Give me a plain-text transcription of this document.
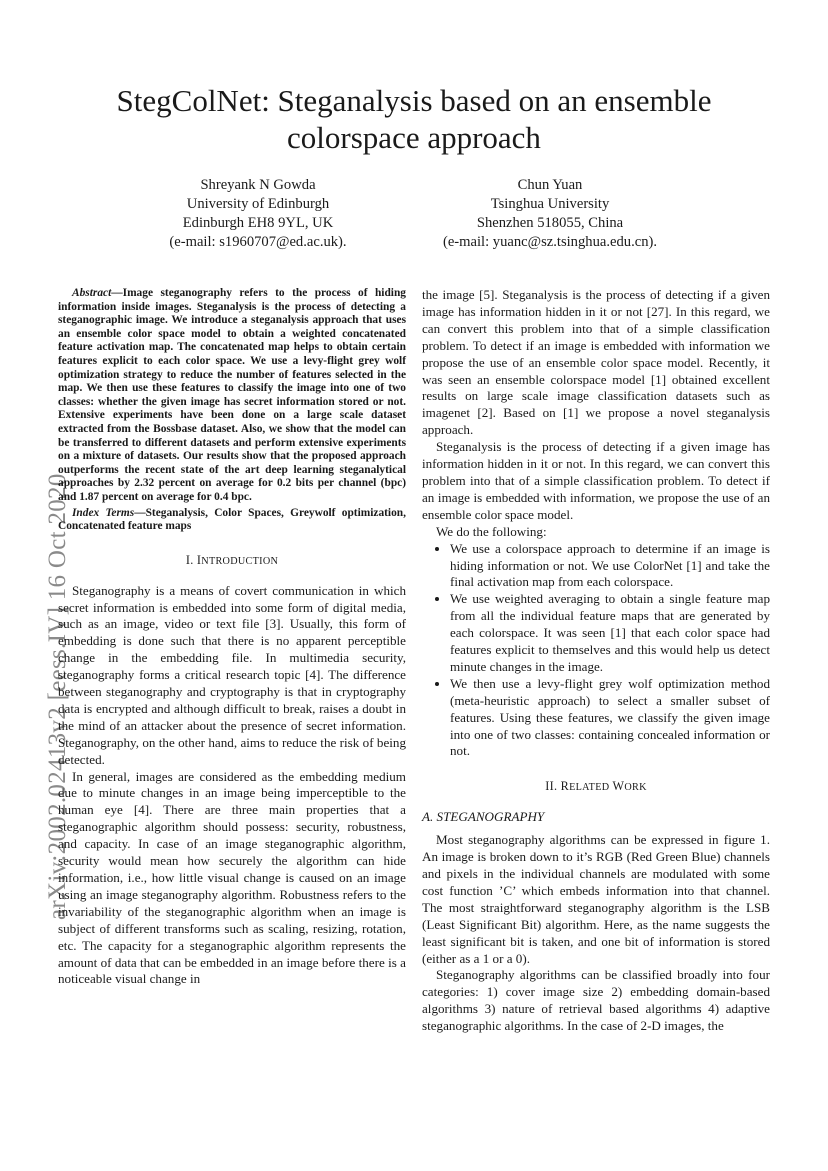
arXiv:2002.02413v2 [eess.IV] 16 Oct 2020
StegColNet: Steganalysis based on an ensemble colorspace approach
Shreyank N Gowda
University of Edinburgh
Edinburgh EH8 9YL, UK
(e-mail: s1960707@ed.ac.uk).
Chun Yuan
Tsinghua University
Shenzhen 518055, China
(e-mail: yuanc@sz.tsinghua.edu.cn).

Abstract—Image steganography refers to the process of hiding information inside images. Steganalysis is the process of detecting a steganographic image. We introduce a steganalysis approach that uses an ensemble color space model to obtain a weighted concatenated feature activation map. The concatenated map helps to obtain certain features explicit to each color space. We use a levy-flight grey wolf optimization strategy to reduce the number of features selected in the map. We then use these features to classify the image into one of two classes: whether the given image has secret information stored or not. Extensive experiments have been done on a large scale dataset extracted from the Bossbase dataset. Also, we show that the model can be transferred to different datasets and perform extensive experiments on a mixture of datasets. Our results show that the proposed approach outperforms the recent state of the art deep learning steganalytical approaches by 2.32 percent on average for 0.2 bits per channel (bpc) and 1.87 percent on average for 0.4 bpc.

Index Terms—Steganalysis, Color Spaces, Greywolf optimization, Concatenated feature maps

I. INTRODUCTION

Steganography is a means of covert communication in which secret information is embedded into some form of digital media, such as an image, video or text file [3]. Usually, this form of embedding is done such that there is no apparent perceptible change in the embedding file. In multimedia security, steganography forms a critical research topic [4]. The difference between steganography and cryptography is that in cryptography data is encrypted and although difficult to break, raises a doubt in the mind of an attacker about the presence of secret information. Steganography, on the other hand, aims to reduce the risk of being detected.

In general, images are considered as the embedding medium due to minute changes in an image being imperceptible to the human eye [4]. There are three main properties that a steganographic algorithm should possess: security, robustness, and capacity. In case of an image steganographic algorithm, security would mean how securely the algorithm can hide information, i.e., how little visual change is caused on an image using an image steganography algorithm. Robustness refers to the invariability of the steganographic algorithm when an image is subject of different transforms such as scaling, resizing, rotation, etc. The capacity for a steganographic algorithm represents the amount of data that can be embedded in an image before there is a noticeable visual change in

the image [5]. Steganalysis is the process of detecting if a given image has information hidden in it or not [27]. In this regard, we can convert this problem into that of a simple classification problem. To detect if an image is embedded with information we propose the use of an ensemble color space model. Recently, it was seen an ensemble colorspace model [1] obtained excellent results on large scale image classification datasets such as imagenet [2]. Based on [1] we propose a novel steganalysis approach.

Steganalysis is the process of detecting if a given image has information hidden in it or not. In this regard, we can convert this problem into that of a simple classification problem. To detect if an image is embedded with information, we propose the use of an ensemble color space model.

We do the following:

• We use a colorspace approach to determine if an image is hiding information or not. We use ColorNet [1] and take the final activation map from each colorspace.
• We use weighted averaging to obtain a single feature map from all the individual feature maps that are generated by each colorspace. It was seen [1] that each color space had features explicit to themselves and this would help us detect minute changes in the image.
• We then use a levy-flight grey wolf optimization method (meta-heuristic approach) to select a smaller subset of features. Using these features, we classify the given image into one of two classes: containing concealed information or not.
II. RELATED WORK
A. STEGANOGRAPHY

Most steganography algorithms can be expressed in figure 1. An image is broken down to it’s RGB (Red Green Blue) channels and pixels in the individual channels are modulated with some cost function ’C’ which embeds information into that channel. The most straightforward steganography algorithm is the LSB (Least Significant Bit) algorithm. Here, as the name suggests the least significant bit is taken, and one bit of information is stored (either as a 1 or a 0).

Steganography algorithms can be classified broadly into four categories: 1) cover image size 2) embedding domain-based algorithms 3) nature of retrieval based algorithms 4) adaptive steganographic algorithms. In the case of 2-D images, the
